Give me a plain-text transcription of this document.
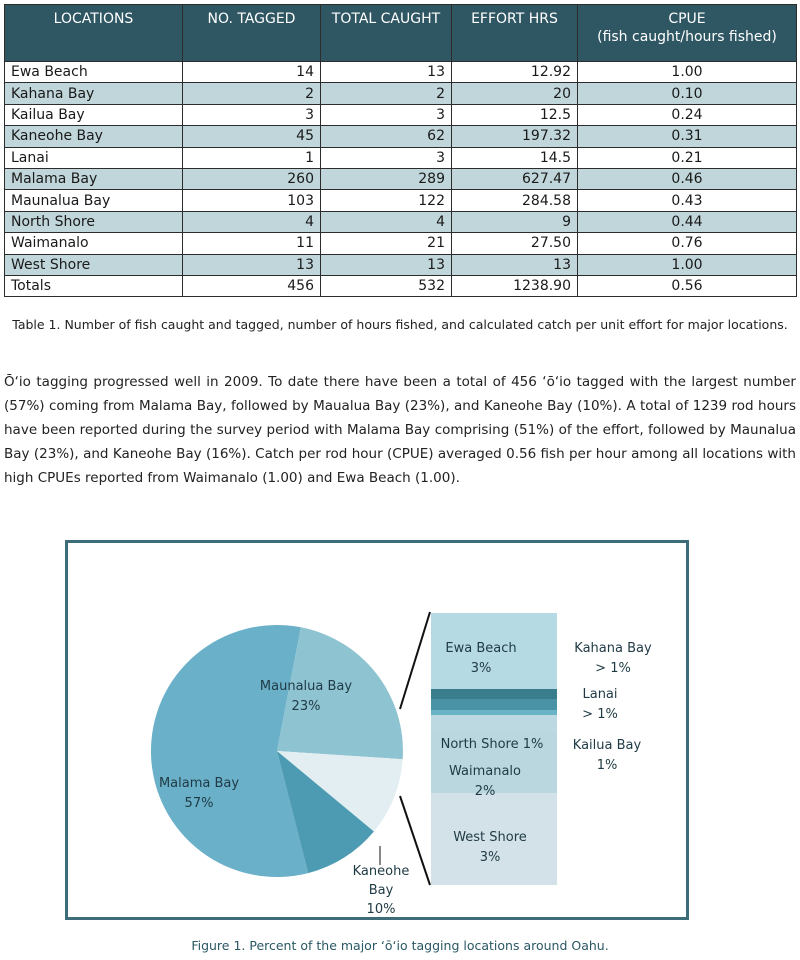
LOCATIONS	NO. TAGGED	TOTAL CAUGHT	EFFORT HRS	CPUE
(fish caught/hours fished)

Ewa Beach	14	13	12.92	1.00
Kahana Bay	2	2	20	0.10
Kailua Bay	3	3	12.5	0.24
Kaneohe Bay	45	62	197.32	0.31
Lanai	1	3	14.5	0.21
Malama Bay	260	289	627.47	0.46
Maunalua Bay	103	122	284.58	0.43
North Shore	4	4	9	0.44
Waimanalo	11	21	27.50	0.76
West Shore	13	13	13	1.00
Totals	456	532	1238.90	0.56
Table 1. Number of fish caught and tagged, number of hours fished, and calculated catch per unit effort for major locations.
Ō‘io tagging progressed well in 2009. To date there have been a total of 456 ‘ō‘io tagged with the largest number (57%) coming from Malama Bay, followed by Maualua Bay (23%), and Kaneohe Bay (10%). A total of 1239 rod hours have been reported during the survey period with Malama Bay comprising (51%) of the effort, followed by Maunalua Bay (23%), and Kaneohe Bay (16%). Catch per rod hour (CPUE) averaged 0.56 fish per hour among all locations with high CPUEs reported from Waimanalo (1.00) and Ewa Beach (1.00).
Maunalua Bay
23%
Malama Bay
57%
Kaneohe
Bay
10%
Ewa Beach
3%
North Shore 1%
Waimanalo
2%
West Shore
3%
Kahana Bay
> 1%
Lanai
> 1%
Kailua Bay
1%
Figure 1. Percent of the major ‘ō‘io tagging locations around Oahu.
